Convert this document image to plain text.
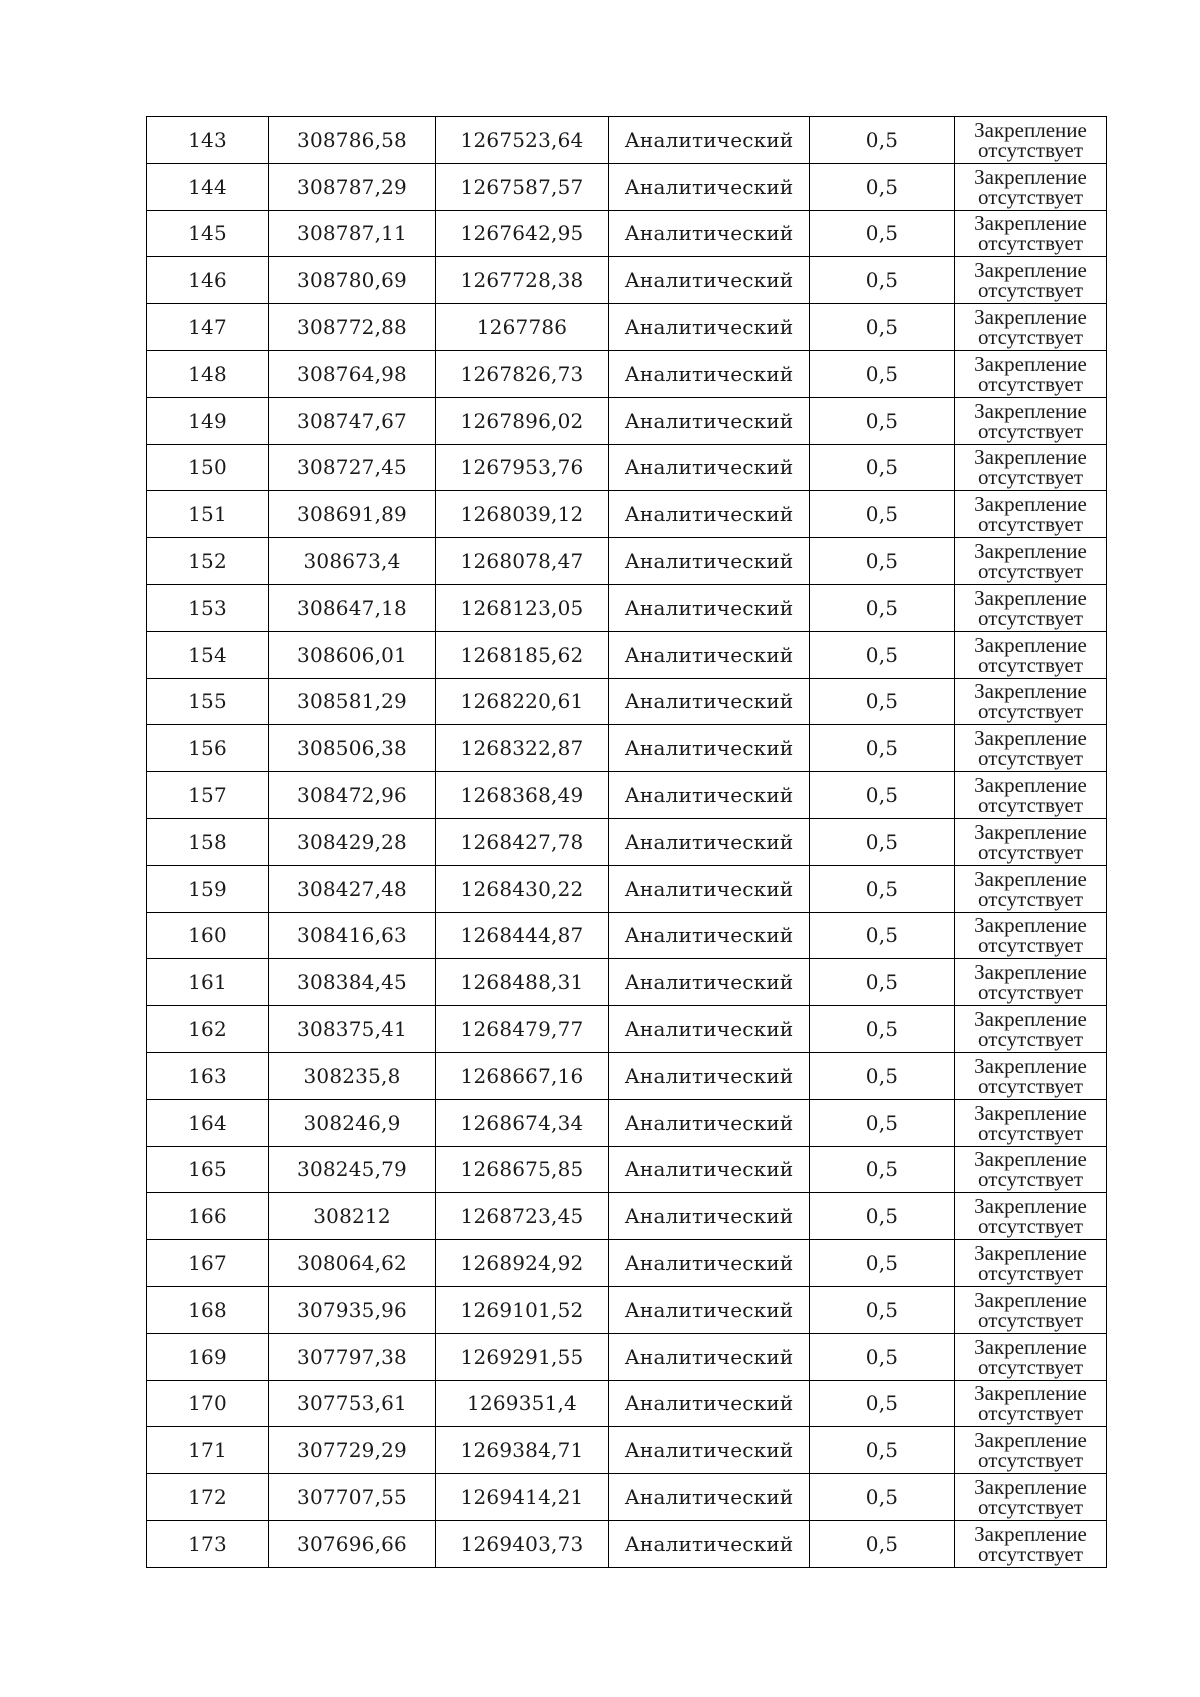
143	308786,58	1267523,64	Аналитический	0,5	Закрепление
отсутствует

144	308787,29	1267587,57	Аналитический	0,5	Закрепление
отсутствует

145	308787,11	1267642,95	Аналитический	0,5	Закрепление
отсутствует

146	308780,69	1267728,38	Аналитический	0,5	Закрепление
отсутствует

147	308772,88	1267786	Аналитический	0,5	Закрепление
отсутствует

148	308764,98	1267826,73	Аналитический	0,5	Закрепление
отсутствует

149	308747,67	1267896,02	Аналитический	0,5	Закрепление
отсутствует

150	308727,45	1267953,76	Аналитический	0,5	Закрепление
отсутствует

151	308691,89	1268039,12	Аналитический	0,5	Закрепление
отсутствует

152	308673,4	1268078,47	Аналитический	0,5	Закрепление
отсутствует

153	308647,18	1268123,05	Аналитический	0,5	Закрепление
отсутствует

154	308606,01	1268185,62	Аналитический	0,5	Закрепление
отсутствует

155	308581,29	1268220,61	Аналитический	0,5	Закрепление
отсутствует

156	308506,38	1268322,87	Аналитический	0,5	Закрепление
отсутствует

157	308472,96	1268368,49	Аналитический	0,5	Закрепление
отсутствует

158	308429,28	1268427,78	Аналитический	0,5	Закрепление
отсутствует

159	308427,48	1268430,22	Аналитический	0,5	Закрепление
отсутствует

160	308416,63	1268444,87	Аналитический	0,5	Закрепление
отсутствует

161	308384,45	1268488,31	Аналитический	0,5	Закрепление
отсутствует

162	308375,41	1268479,77	Аналитический	0,5	Закрепление
отсутствует

163	308235,8	1268667,16	Аналитический	0,5	Закрепление
отсутствует

164	308246,9	1268674,34	Аналитический	0,5	Закрепление
отсутствует

165	308245,79	1268675,85	Аналитический	0,5	Закрепление
отсутствует

166	308212	1268723,45	Аналитический	0,5	Закрепление
отсутствует

167	308064,62	1268924,92	Аналитический	0,5	Закрепление
отсутствует

168	307935,96	1269101,52	Аналитический	0,5	Закрепление
отсутствует

169	307797,38	1269291,55	Аналитический	0,5	Закрепление
отсутствует

170	307753,61	1269351,4	Аналитический	0,5	Закрепление
отсутствует

171	307729,29	1269384,71	Аналитический	0,5	Закрепление
отсутствует

172	307707,55	1269414,21	Аналитический	0,5	Закрепление
отсутствует

173	307696,66	1269403,73	Аналитический	0,5	Закрепление
отсутствует
